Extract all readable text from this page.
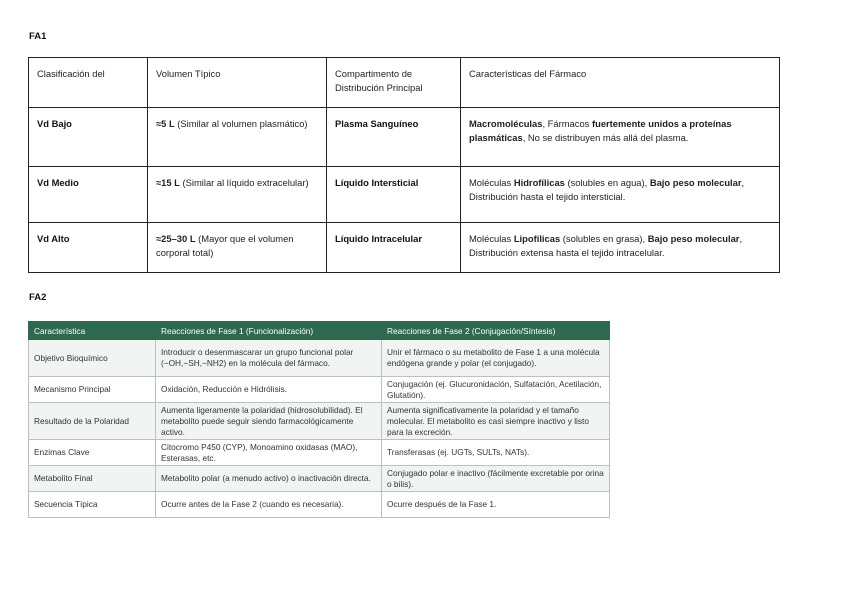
FA1
Clasificación del	Volumen Típico	Compartimento de Distribución Principal	Características del Fármaco
Vd Bajo	≈5 L (Similar al volumen plasmático)	Plasma Sanguíneo	Macromoléculas, Fármacos fuertemente unidos a proteínas plasmáticas, No se distribuyen más allá del plasma.
Vd Medio	≈15 L (Similar al líquido extracelular)	Líquido Intersticial	Moléculas Hidrofílicas (solubles en agua), Bajo peso molecular, Distribución hasta el tejido intersticial.
Vd Alto	≈25–30 L (Mayor que el volumen corporal total)	Líquido Intracelular	Moléculas Lipofílicas (solubles en grasa), Bajo peso molecular, Distribución extensa hasta el tejido intracelular.
FA2
Característica	Reacciones de Fase 1 (Funcionalización)	Reacciones de Fase 2 (Conjugación/Síntesis)
Objetivo Bioquímico	Introducir o desenmascarar un grupo funcional polar (−OH,−SH,−NH2) en la molécula del fármaco.	Unir el fármaco o su metabolito de Fase 1 a una molécula endógena grande y polar (el conjugado).
Mecanismo Principal	Oxidación, Reducción e Hidrólisis.	Conjugación (ej. Glucuronidación, Sulfatación, Acetilación, Glutatión).
Resultado de la Polaridad	Aumenta ligeramente la polaridad (hidrosolubilidad). El metabolito puede seguir siendo farmacológicamente activo.	Aumenta significativamente la polaridad y el tamaño molecular. El metabolito es casi siempre inactivo y listo para la excreción.
Enzimas Clave	Citocromo P450 (CYP), Monoamino oxidasas (MAO), Esterasas, etc.	Transferasas (ej. UGTs, SULTs, NATs).
Metabolito Final	Metabolito polar (a menudo activo) o inactivación directa.	Conjugado polar e inactivo (fácilmente excretable por orina o bilis).
Secuencia Típica	Ocurre antes de la Fase 2 (cuando es necesaria).	Ocurre después de la Fase 1.
